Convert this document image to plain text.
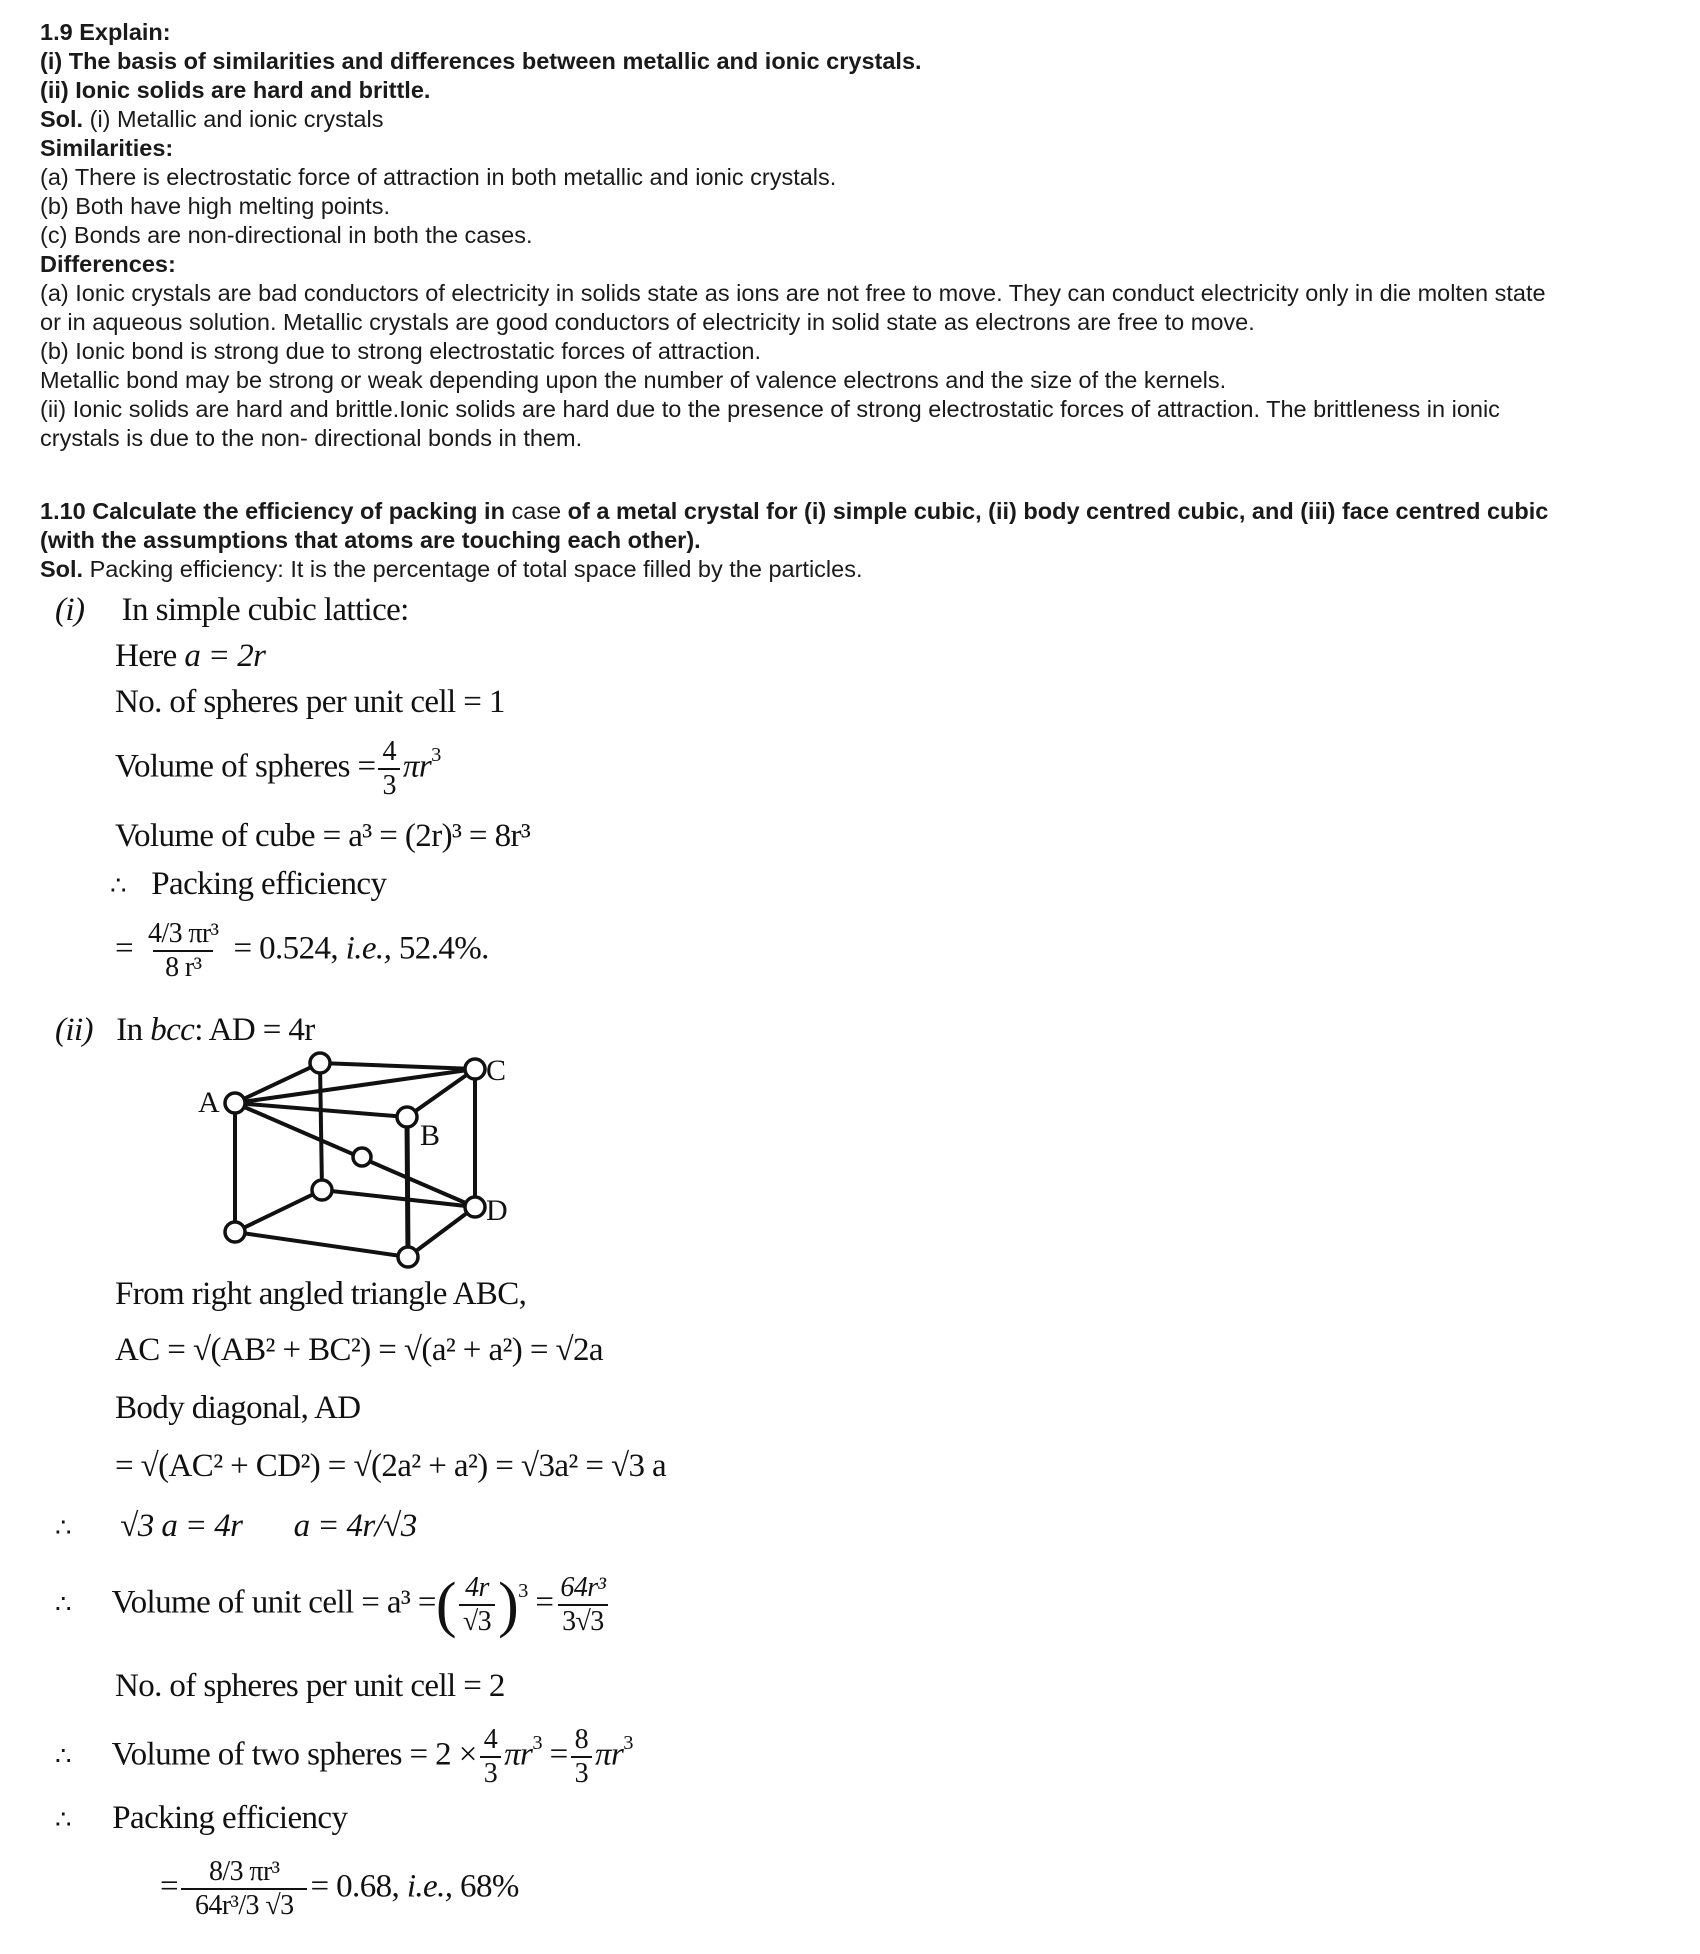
1.9 Explain:
(i) The basis of similarities and differences between metallic and ionic crystals.
(ii) Ionic solids are hard and brittle.
Sol. (i) Metallic and ionic crystals
Similarities:
(a) There is electrostatic force of attraction in both metallic and ionic crystals.
(b) Both have high melting points.
(c) Bonds are non-directional in both the cases.
Differences:
(a) Ionic crystals are bad conductors of electricity in solids state as ions are not free to move. They can conduct electricity only in die molten state
or in aqueous solution. Metallic crystals are good conductors of electricity in solid state as electrons are free to move.
(b) Ionic bond is strong due to strong electrostatic forces of attraction.
Metallic bond may be strong or weak depending upon the number of valence electrons and the size of the kernels.
(ii) Ionic solids are hard and brittle.Ionic solids are hard due to the presence of strong electrostatic forces of attraction. The brittleness in ionic
crystals is due to the non- directional bonds in them.
1.10 Calculate the efficiency of packing in case of a metal crystal for (i) simple cubic, (ii) body centred cubic, and (iii) face centred cubic
(with the assumptions that atoms are touching each other).
Sol. Packing efficiency: It is the percentage of total space filled by the particles.
(i) In simple cubic lattice:
Here a = 2r
No. of spheres per unit cell = 1
Volume of spheres = $\frac{4}{3} \pi r^3$
Volume of cube = a³ = (2r)³ = 8r³
∴ Packing efficiency
= $\frac{\text{4/3 πr³}}{\text{8 r³}} = 0.524$, i.e., 52.4%.
(ii) In bcc: AD = 4r
A
C
B
D
From right angled triangle ABC,
AC = √(AB² + BC²) = √(a² + a²) = √2a
Body diagonal, AD
= √(AC² + CD²) = √(2a² + a²) = √3a² = √3 a
∴ √3 a = 4r a = 4r/√3
∴ Volume of unit cell = a³ =( $\frac{4r}{√3} )^3 = \frac{\text{64r³}}{3√3}$
No. of spheres per unit cell = 2
∴ Volume of two spheres = $2 \times \frac{4}{3} \pi r^3 = \frac{8}{3} \pi r^3$
∴ Packing efficiency
= $\frac{\text{8/3 πr³}}{\text{64r³/3 √3}} = 0.68$, i.e., 68%
